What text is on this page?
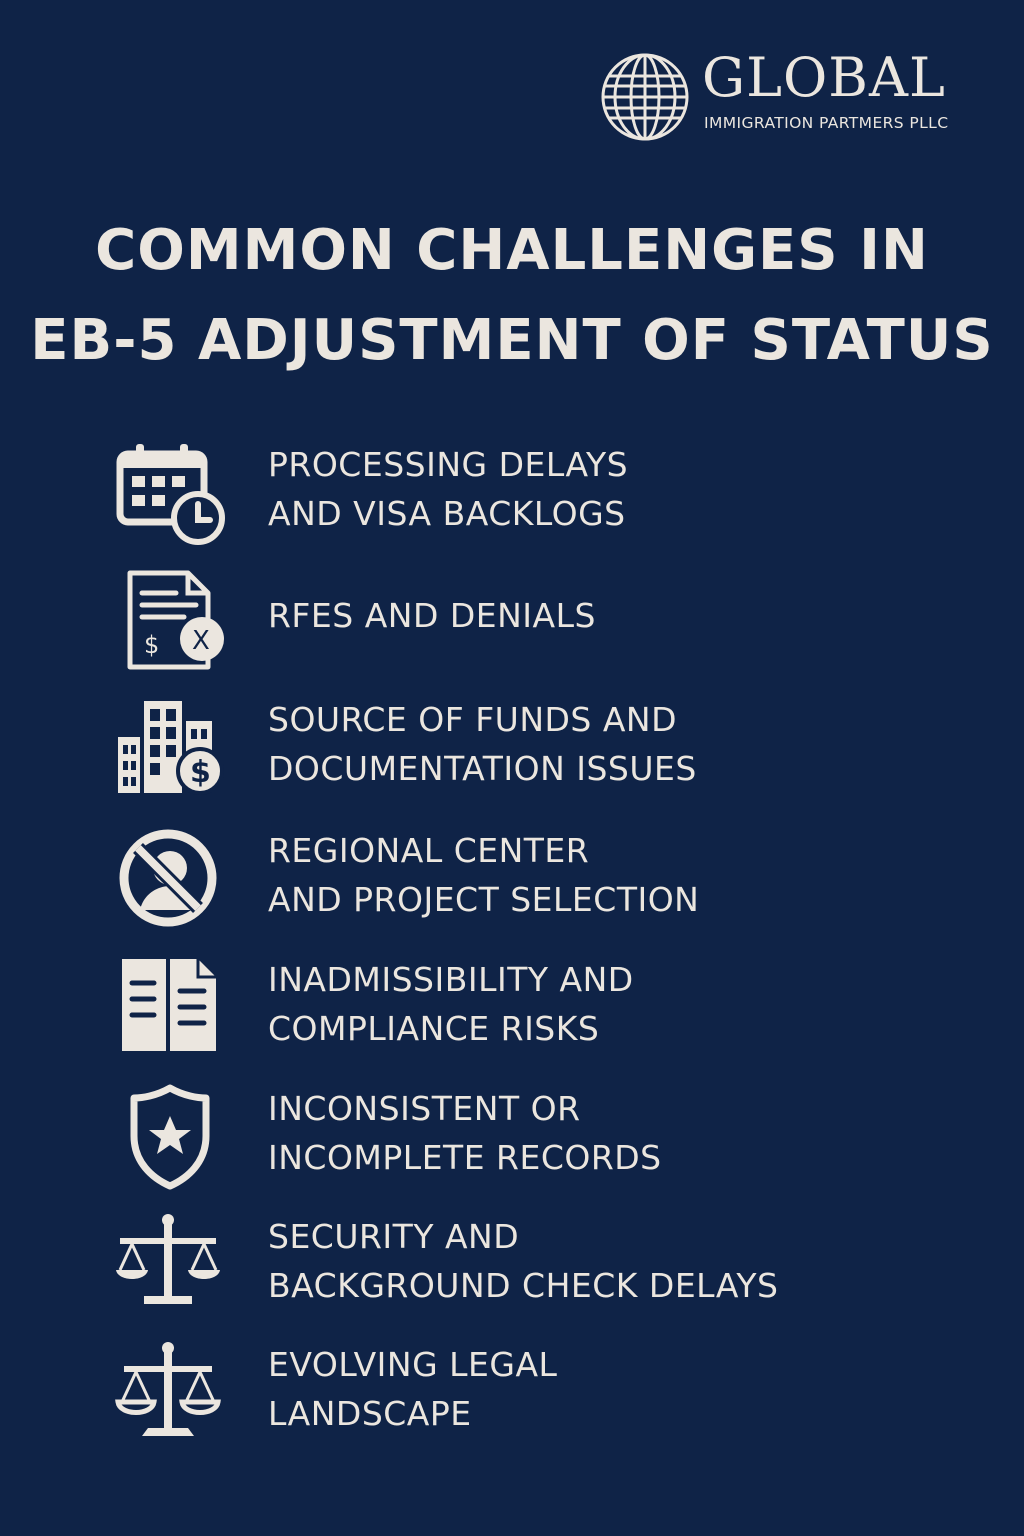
GLOBAL
IMMIGRATION PARTMERS PLLC
COMMON CHALLENGES IN
EB-5 ADJUSTMENT OF STATUS
PROCESSING DELAYS
AND VISA BACKLOGS
$ X
RFES AND DENIALS
$
SOURCE OF FUNDS AND
DOCUMENTATION ISSUES
REGIONAL CENTER
AND PROJECT SELECTION
INADMISSIBILITY AND
COMPLIANCE RISKS
INCONSISTENT OR
INCOMPLETE RECORDS
SECURITY AND
BACKGROUND CHECK DELAYS
EVOLVING LEGAL
LANDSCAPE
